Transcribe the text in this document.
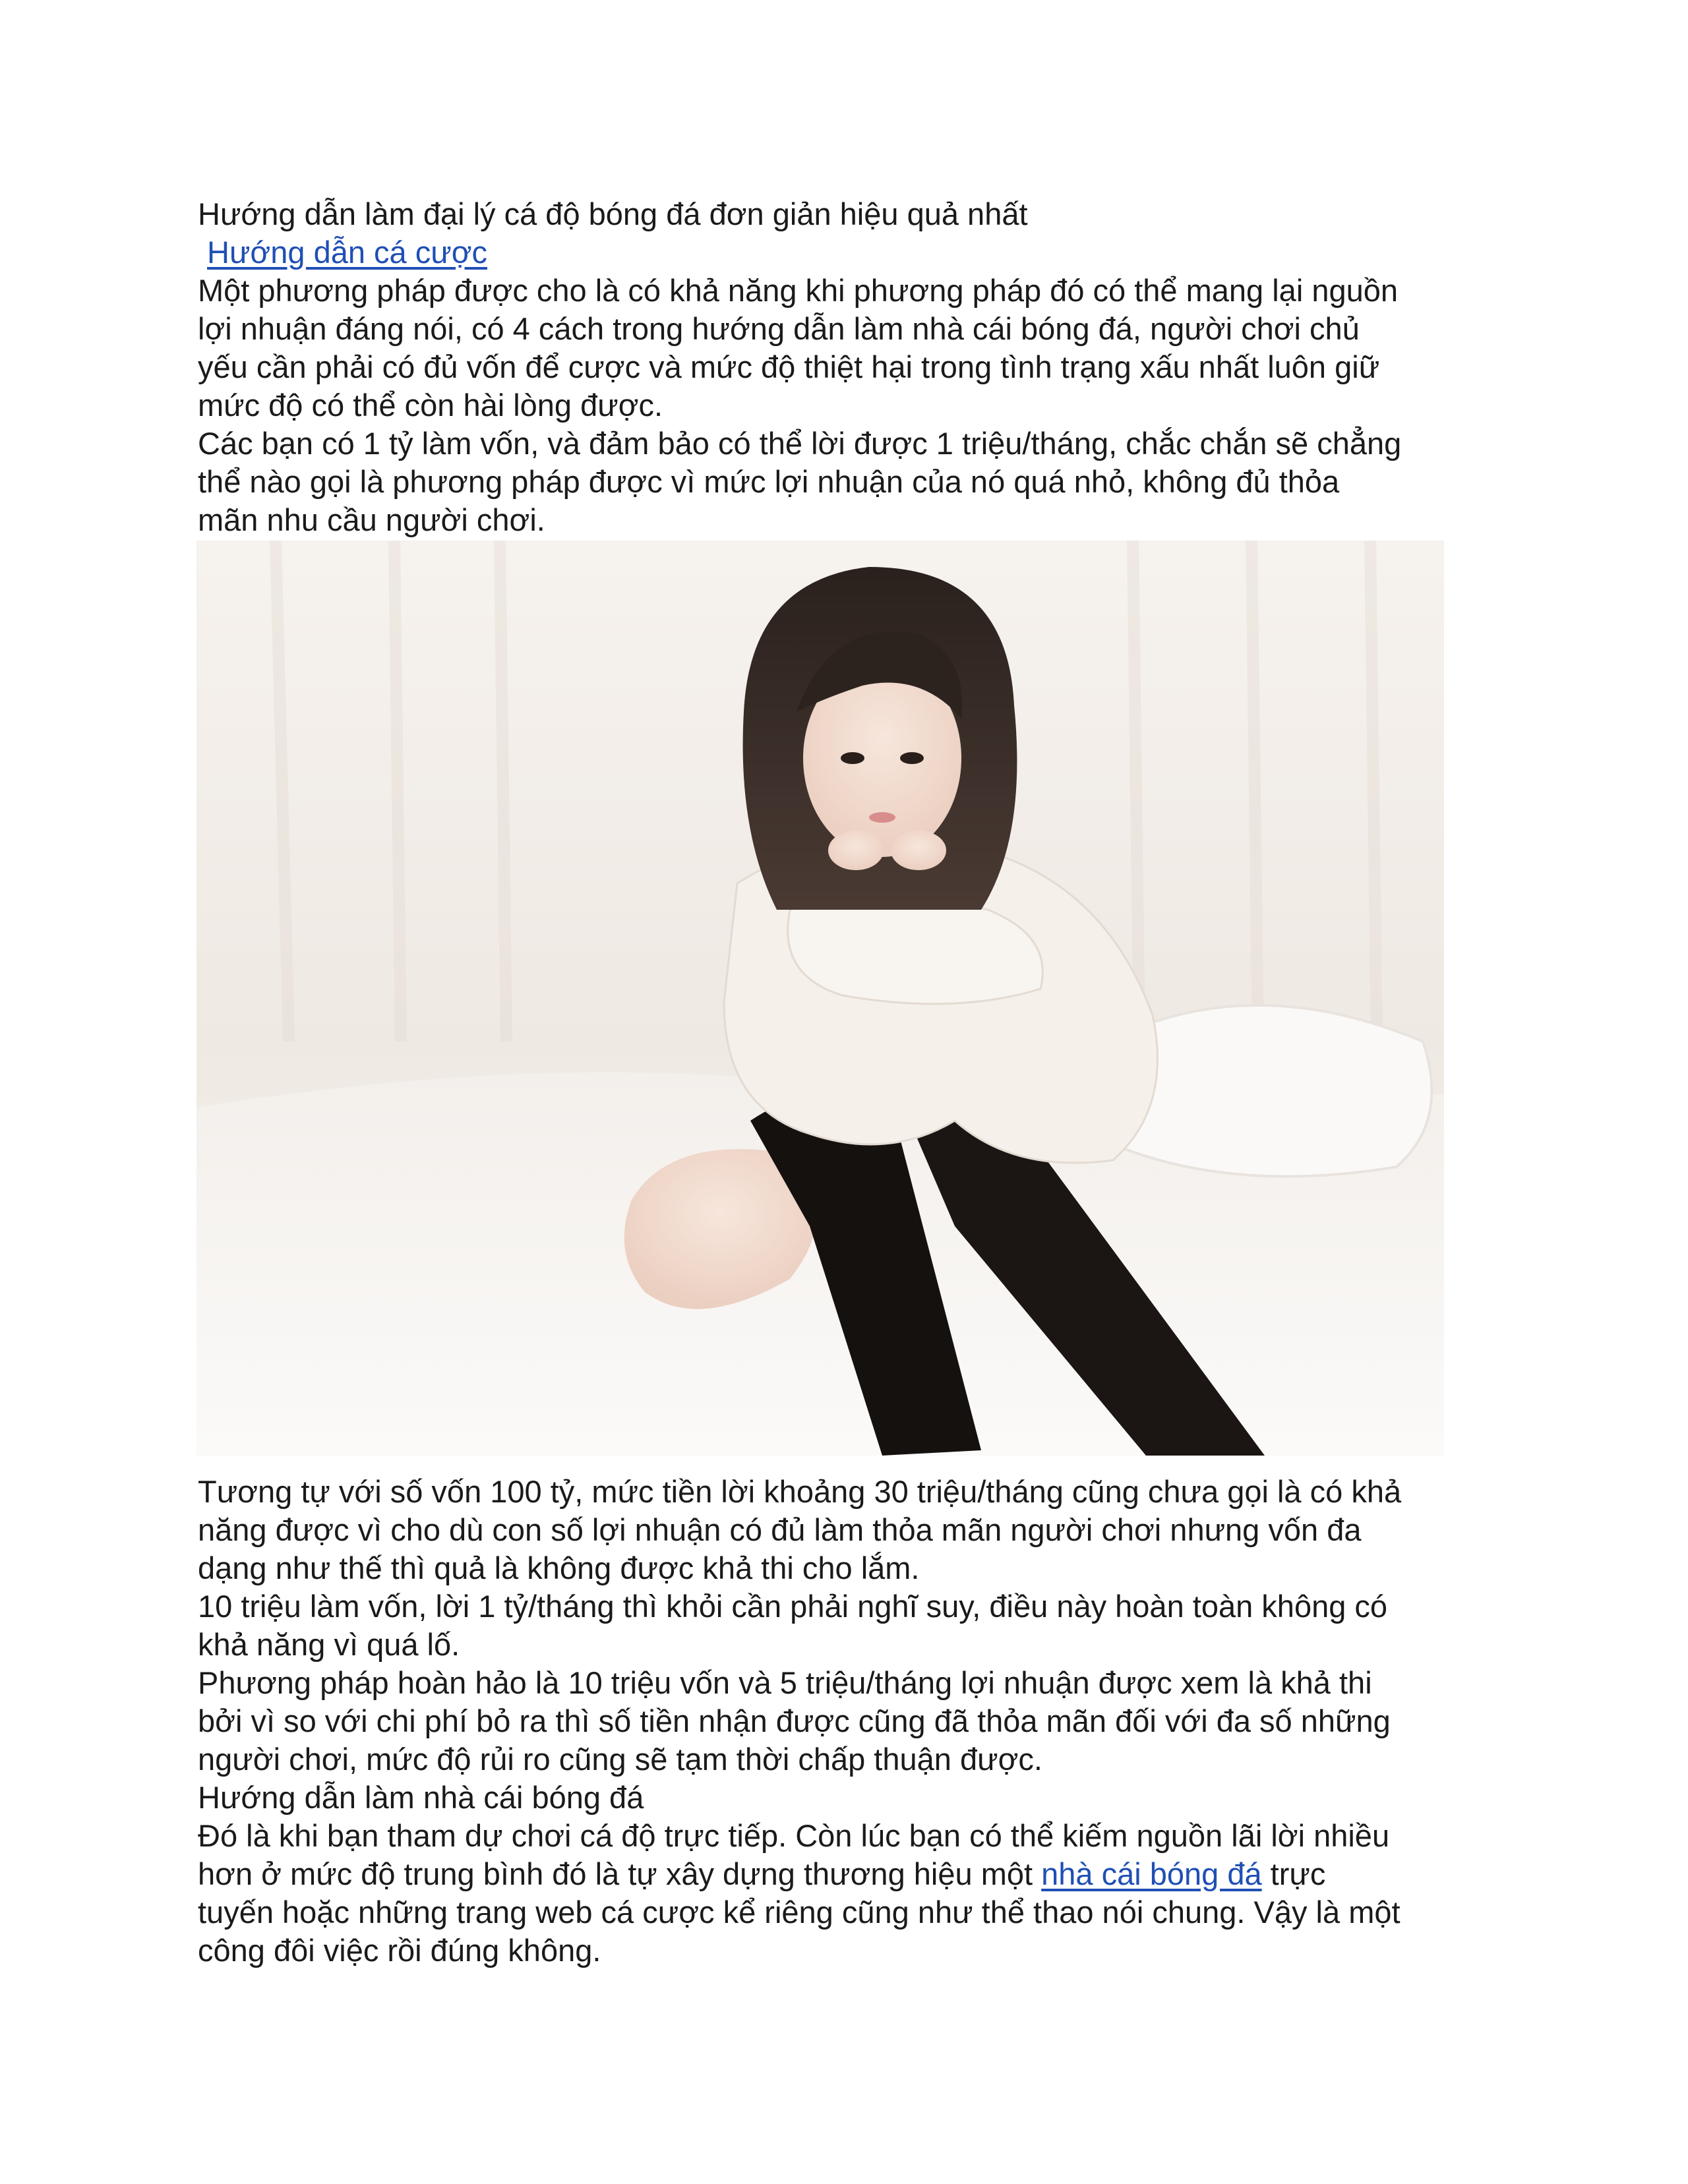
Hướng dẫn làm đại lý cá độ bóng đá đơn giản hiệu quả nhất
Hướng dẫn cá cược
Một phương pháp được cho là có khả năng khi phương pháp đó có thể mang lại nguồn
lợi nhuận đáng nói, có 4 cách trong hướng dẫn làm nhà cái bóng đá, người chơi chủ
yếu cần phải có đủ vốn để cược và mức độ thiệt hại trong tình trạng xấu nhất luôn giữ
mức độ có thể còn hài lòng được.
Các bạn có 1 tỷ làm vốn, và đảm bảo có thể lời được 1 triệu/tháng, chắc chắn sẽ chẳng
thể nào gọi là phương pháp được vì mức lợi nhuận của nó quá nhỏ, không đủ thỏa
mãn nhu cầu người chơi.
Tương tự với số vốn 100 tỷ, mức tiền lời khoảng 30 triệu/tháng cũng chưa gọi là có khả
năng được vì cho dù con số lợi nhuận có đủ làm thỏa mãn người chơi nhưng vốn đa
dạng như thế thì quả là không được khả thi cho lắm.
10 triệu làm vốn, lời 1 tỷ/tháng thì khỏi cần phải nghĩ suy, điều này hoàn toàn không có
khả năng vì quá lố.
Phương pháp hoàn hảo là 10 triệu vốn và 5 triệu/tháng lợi nhuận được xem là khả thi
bởi vì so với chi phí bỏ ra thì số tiền nhận được cũng đã thỏa mãn đối với đa số những
người chơi, mức độ rủi ro cũng sẽ tạm thời chấp thuận được.
Hướng dẫn làm nhà cái bóng đá
Đó là khi bạn tham dự chơi cá độ trực tiếp. Còn lúc bạn có thể kiếm nguồn lãi lời nhiều
hơn ở mức độ trung bình đó là tự xây dựng thương hiệu một nhà cái bóng đá trực
tuyến hoặc những trang web cá cược kể riêng cũng như thể thao nói chung. Vậy là một
công đôi việc rồi đúng không.
